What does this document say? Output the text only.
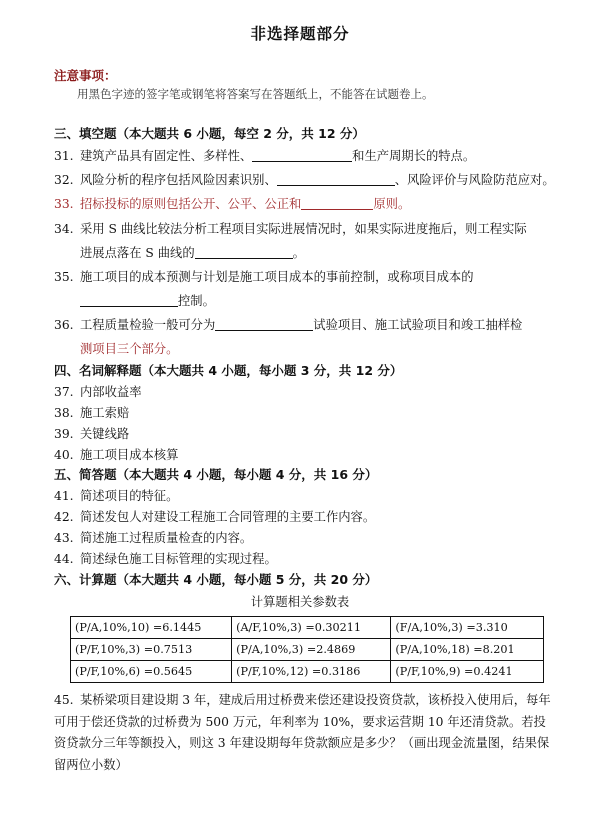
非选择题部分
注意事项：
用黑色字迹的签字笔或钢笔将答案写在答题纸上，不能答在试题卷上。
三、填空题（本大题共 6 小题，每空 2 分，共 12 分）
31. 建筑产品具有固定性、多样性、	和生产周期长的特点。
32. 风险分析的程序包括风险因素识别、	、风险评价与风险防范应对。
33. 招标投标的原则包括公开、公平、公正和	原则。
34. 采用 S 曲线比较法分析工程项目实际进展情况时，如果实际进度拖后，则工程实际
进展点落在 S 曲线的	。
35. 施工项目的成本预测与计划是施工项目成本的事前控制，或称项目成本的
控制。
36. 工程质量检验一般可分为	试验项目、施工试验项目和竣工抽样检
测项目三个部分。
四、名词解释题（本大题共 4 小题，每小题 3 分，共 12 分）
37. 内部收益率
38. 施工索赔
39. 关键线路
40. 施工项目成本核算
五、简答题（本大题共 4 小题，每小题 4 分，共 16 分）
41. 简述项目的特征。
42. 简述发包人对建设工程施工合同管理的主要工作内容。
43. 简述施工过程质量检查的内容。
44. 简述绿色施工目标管理的实现过程。
六、计算题（本大题共 4 小题，每小题 5 分，共 20 分）
计算题相关参数表
(P/A,10%,10) =6.1445	(A/F,10%,3) =0.30211	(F/A,10%,3) =3.310
(P/F,10%,3) =0.7513	(P/A,10%,3) =2.4869	(P/A,10%,18) =8.201
(P/F,10%,6) =0.5645	(P/F,10%,12) =0.3186	(P/F,10%,9) =0.4241
45. 某桥梁项目建设期 3 年，建成后用过桥费来偿还建设投资贷款，该桥投入使用后，每年可用于偿还贷款的过桥费为 500 万元，年利率为 10%，要求运营期 10 年还清贷款。若投资贷款分三年等额投入，则这 3 年建设期每年贷款额应是多少？（画出现金流量图，结果保留两位小数）
